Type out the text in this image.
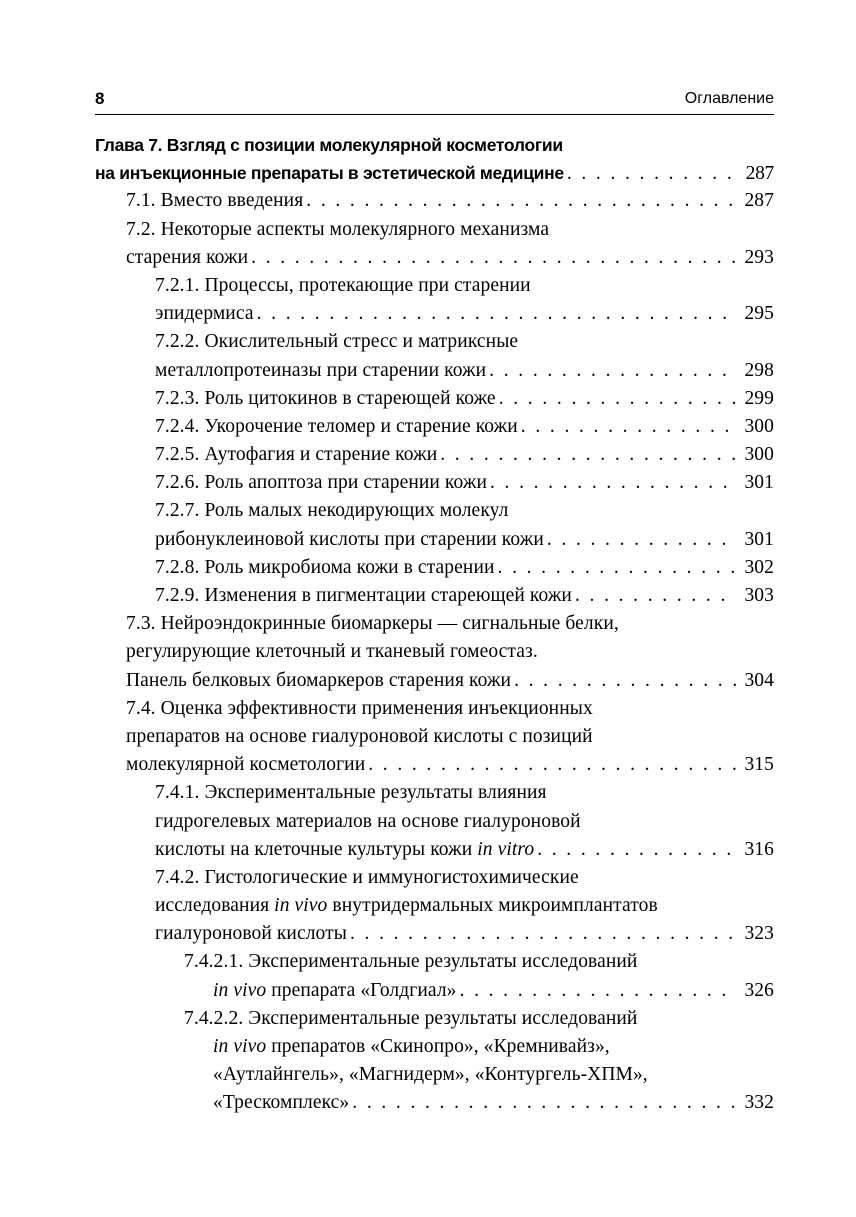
8	Оглавление
Глава 7. Взгляд с позиции молекулярной косметологии
на инъекционные препараты в эстетической медицине . . .	287
7.1. Вместо введения . . .	287
7.2. Некоторые аспекты молекулярного механизма
старения кожи . . .	293
7.2.1. Процессы, протекающие при старении
эпидермиса . . .	295
7.2.2. Окислительный стресс и матриксные
металлопротеиназы при старении кожи . . .	298
7.2.3. Роль цитокинов в стареющей коже . . .	299
7.2.4. Укорочение теломер и старение кожи . . .	300
7.2.5. Аутофагия и старение кожи . . .	300
7.2.6. Роль апоптоза при старении кожи . . .	301
7.2.7. Роль малых некодирующих молекул
рибонуклеиновой кислоты при старении кожи . . .	301
7.2.8. Роль микробиома кожи в старении . . .	302
7.2.9. Изменения в пигментации стареющей кожи . . .	303
7.3. Нейроэндокринные биомаркеры — сигнальные белки,
регулирующие клеточный и тканевый гомеостаз.
Панель белковых биомаркеров старения кожи . . .	304
7.4. Оценка эффективности применения инъекционных
препаратов на основе гиалуроновой кислоты с позиций
молекулярной косметологии . . .	315
7.4.1. Экспериментальные результаты влияния
гидрогелевых материалов на основе гиалуроновой
кислоты на клеточные культуры кожи in vitro . . .	316
7.4.2. Гистологические и иммуногистохимические
исследования in vivo внутридермальных микроимплантатов
гиалуроновой кислоты . . .	323
7.4.2.1. Экспериментальные результаты исследований
in vivo препарата «Голдгиал» . . .	326
7.4.2.2. Экспериментальные результаты исследований
in vivo препаратов «Скинопро», «Кремнивайз»,
«Аутлайнгель», «Магнидерм», «Контургель-ХПМ»,
«Трескомплекс» . . .	332
